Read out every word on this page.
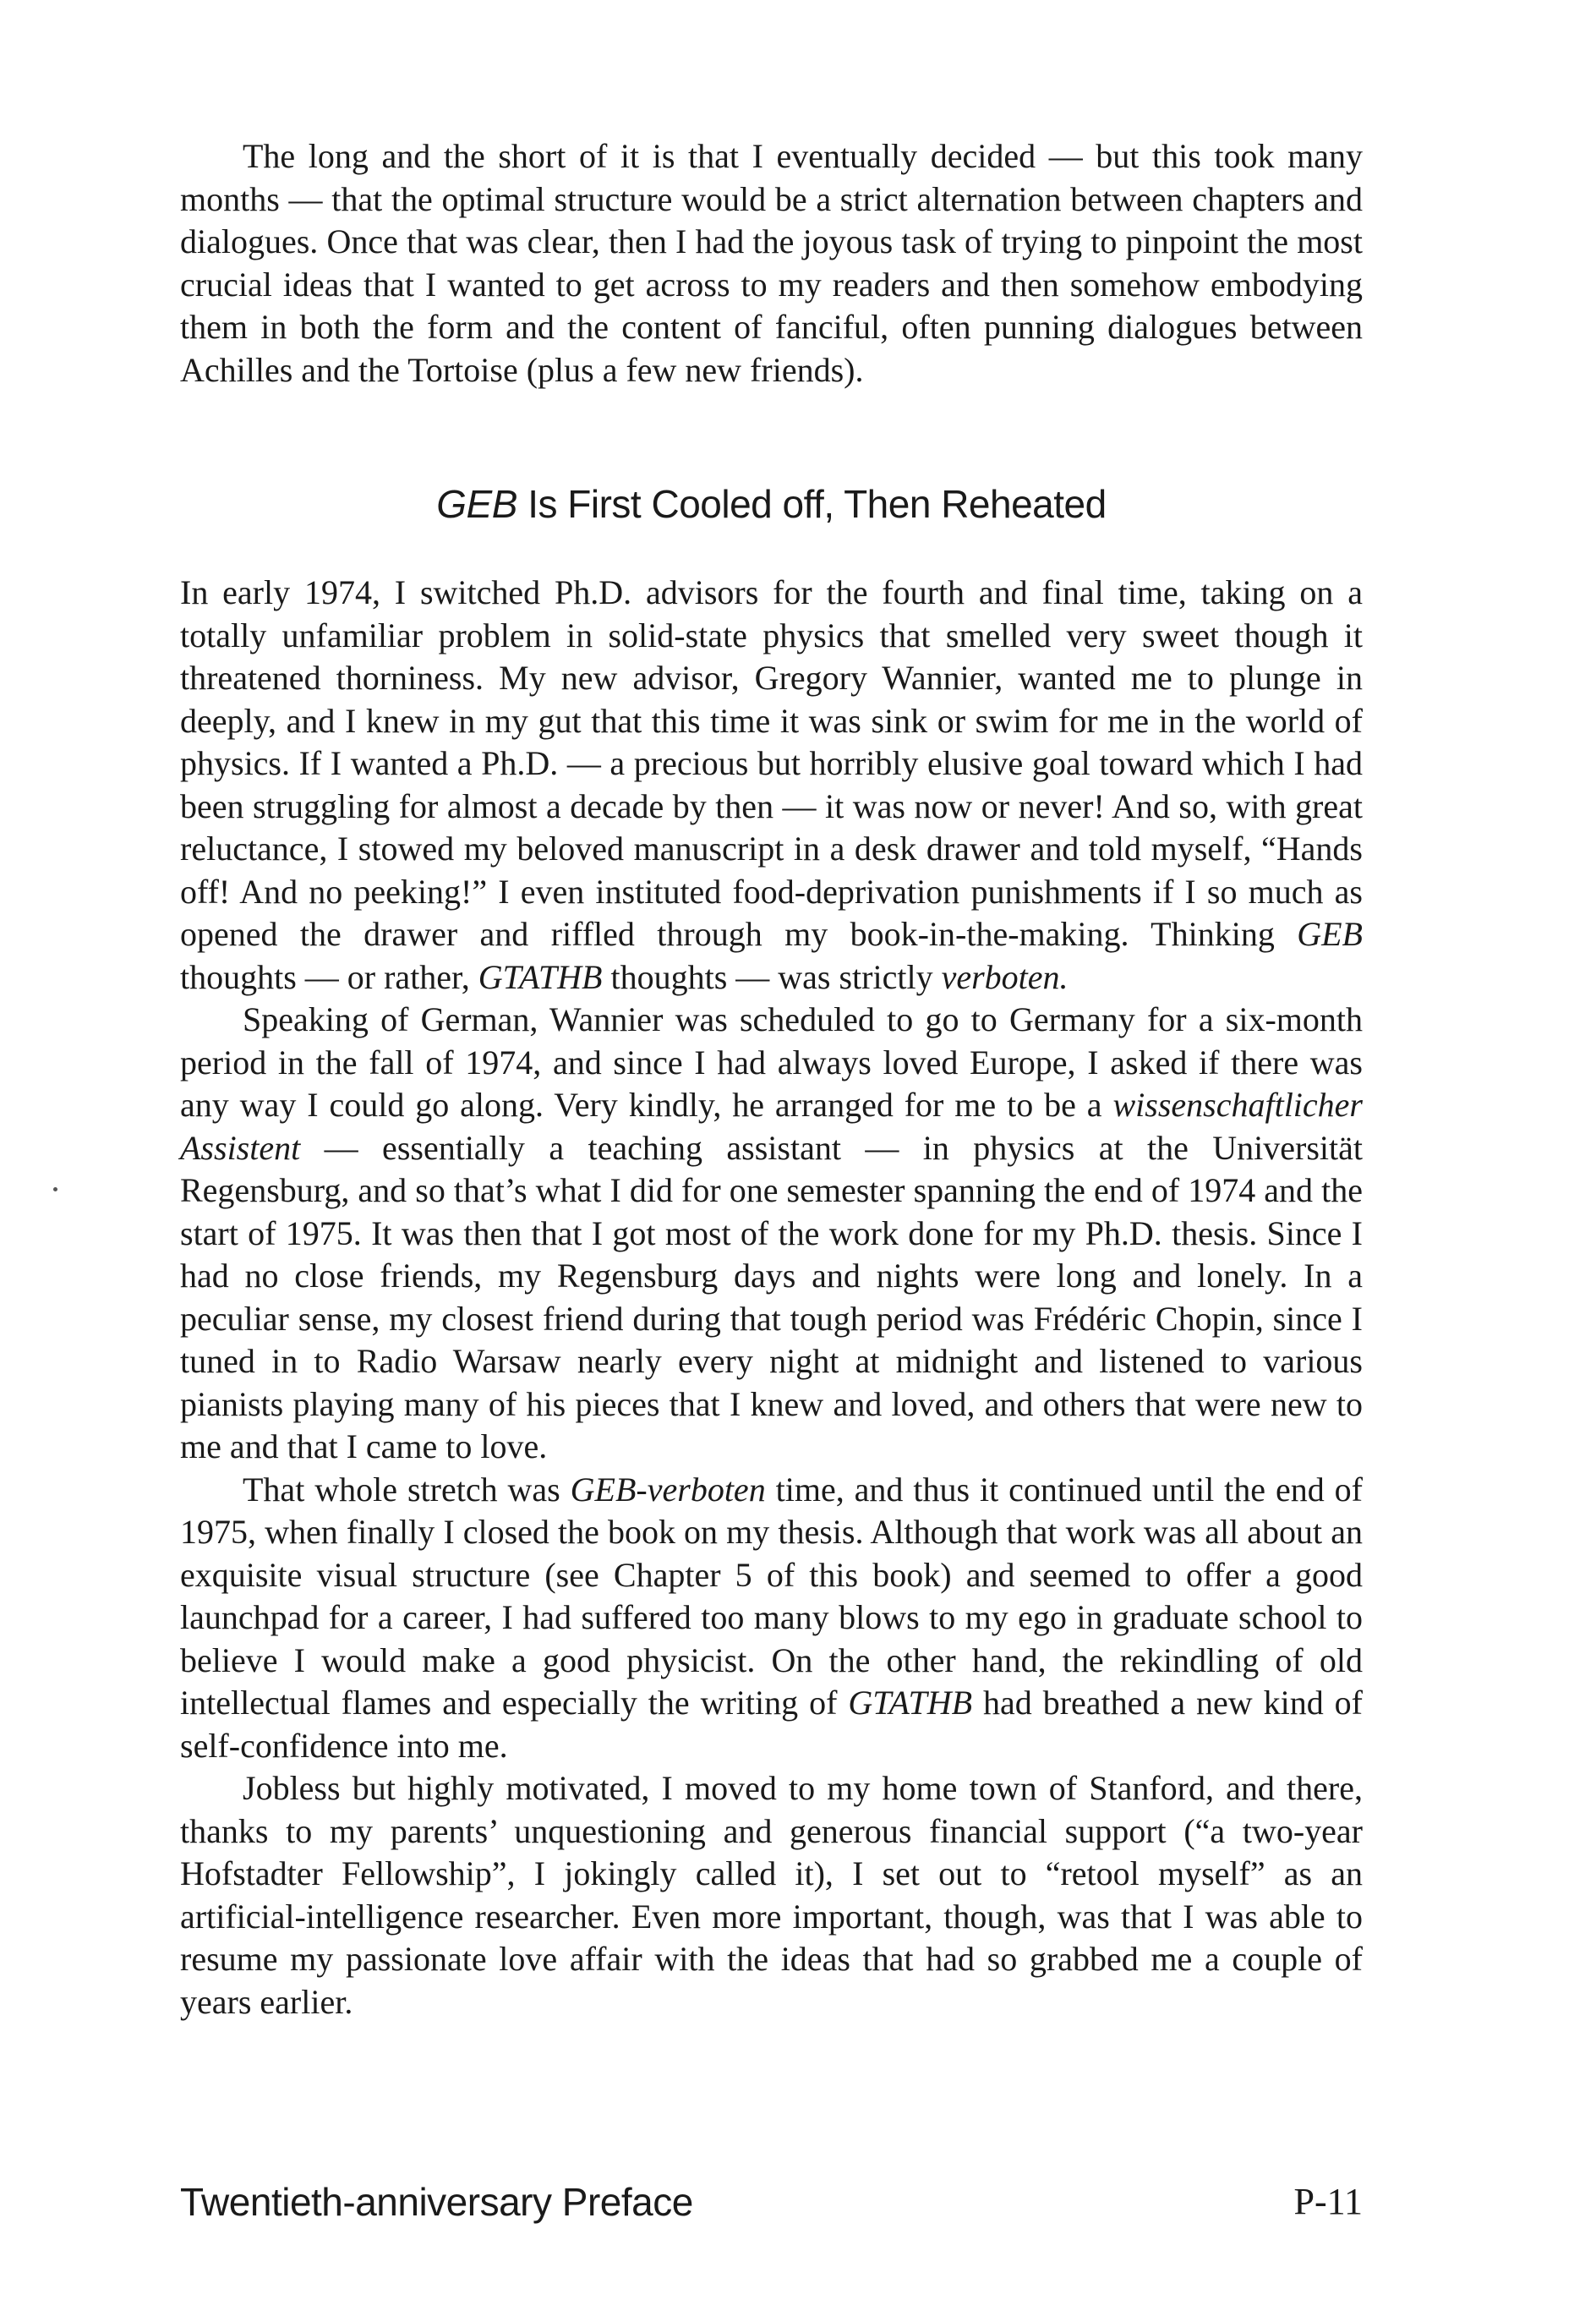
The long and the short of it is that I eventually decided — but this took many months — that the optimal structure would be a strict alternation between chapters and dialogues. Once that was clear, then I had the joyous task of trying to pinpoint the most crucial ideas that I wanted to get across to my readers and then somehow embodying them in both the form and the content of fanciful, often punning dialogues between Achilles and the Tortoise (plus a few new friends).

GEB Is First Cooled off, Then Reheated

In early 1974, I switched Ph.D. advisors for the fourth and final time, taking on a totally unfamiliar problem in solid-state physics that smelled very sweet though it threatened thorniness. My new advisor, Gregory Wannier, wanted me to plunge in deeply, and I knew in my gut that this time it was sink or swim for me in the world of physics. If I wanted a Ph.D. — a precious but horribly elusive goal toward which I had been struggling for almost a decade by then — it was now or never! And so, with great reluctance, I stowed my beloved manuscript in a desk drawer and told myself, “Hands off! And no peeking!” I even instituted food-deprivation punishments if I so much as opened the drawer and riffled through my book-in-the-making. Thinking GEB thoughts — or rather, GTATHB thoughts — was strictly verboten.

Speaking of German, Wannier was scheduled to go to Germany for a six-month period in the fall of 1974, and since I had always loved Europe, I asked if there was any way I could go along. Very kindly, he arranged for me to be a wissenschaftlicher Assistent — essentially a teaching assistant — in physics at the Universität Regensburg, and so that’s what I did for one semester spanning the end of 1974 and the start of 1975. It was then that I got most of the work done for my Ph.D. thesis. Since I had no close friends, my Regensburg days and nights were long and lonely. In a peculiar sense, my closest friend during that tough period was Frédéric Chopin, since I tuned in to Radio Warsaw nearly every night at midnight and listened to various pianists playing many of his pieces that I knew and loved, and others that were new to me and that I came to love.

That whole stretch was GEB-verboten time, and thus it continued until the end of 1975, when finally I closed the book on my thesis. Although that work was all about an exquisite visual structure (see Chapter 5 of this book) and seemed to offer a good launchpad for a career, I had suffered too many blows to my ego in graduate school to believe I would make a good physicist. On the other hand, the rekindling of old intellectual flames and especially the writing of GTATHB had breathed a new kind of self-confidence into me.

Jobless but highly motivated, I moved to my home town of Stanford, and there, thanks to my parents’ unquestioning and generous financial support (“a two-year Hofstadter Fellowship”, I jokingly called it), I set out to “retool myself” as an artificial-intelligence researcher. Even more important, though, was that I was able to resume my passionate love affair with the ideas that had so grabbed me a couple of years earlier.

Twentieth-anniversary Preface	P-11
